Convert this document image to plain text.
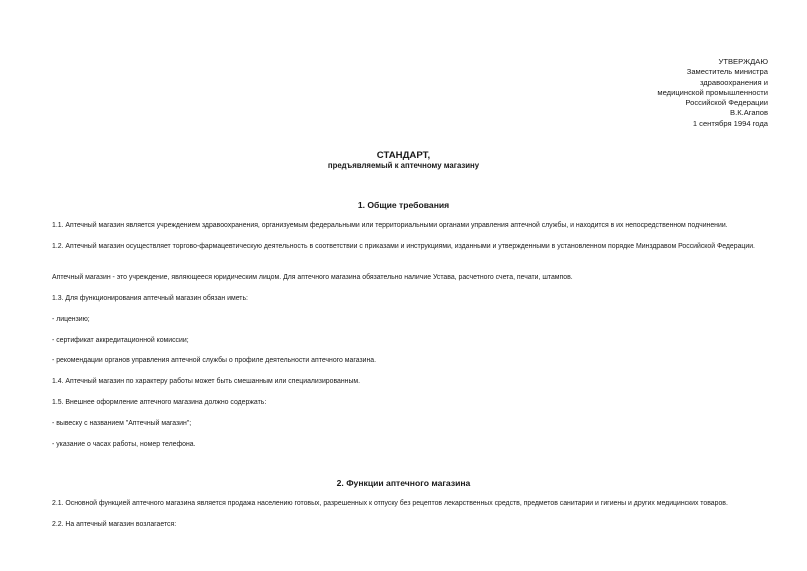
УТВЕРЖДАЮ
Заместитель министра
здравоохранения и
медицинской промышленности
Российской Федерации
В.К.Агапов
1 сентября 1994 года
СТАНДАРТ,
предъявляемый к аптечному магазину
1. Общие требования
1.1. Аптечный магазин является учреждением здравоохранения, организуемым федеральными или территориальными органами управления аптечной службы, и находится в их непосредственном подчинении.
1.2. Аптечный магазин осуществляет торгово-фармацевтическую деятельность в соответствии с приказами и инструкциями, изданными и утвержденными в установленном порядке Минздравом Российской Федерации.
Аптечный магазин - это учреждение, являющееся юридическим лицом. Для аптечного магазина обязательно наличие Устава, расчетного счета, печати, штампов.
1.3. Для функционирования аптечный магазин обязан иметь:
- лицензию;
- сертификат аккредитационной комиссии;
- рекомендации органов управления аптечной службы о профиле деятельности аптечного магазина.
1.4. Аптечный магазин по характеру работы может быть смешанным или специализированным.
1.5. Внешнее оформление аптечного магазина должно содержать:
- вывеску с названием "Аптечный магазин";
- указание о часах работы, номер телефона.
2. Функции аптечного магазина
2.1. Основной функцией аптечного магазина является продажа населению готовых, разрешенных к отпуску без рецептов лекарственных средств, предметов санитарии и гигиены и других медицинских товаров.
2.2. На аптечный магазин возлагается:
